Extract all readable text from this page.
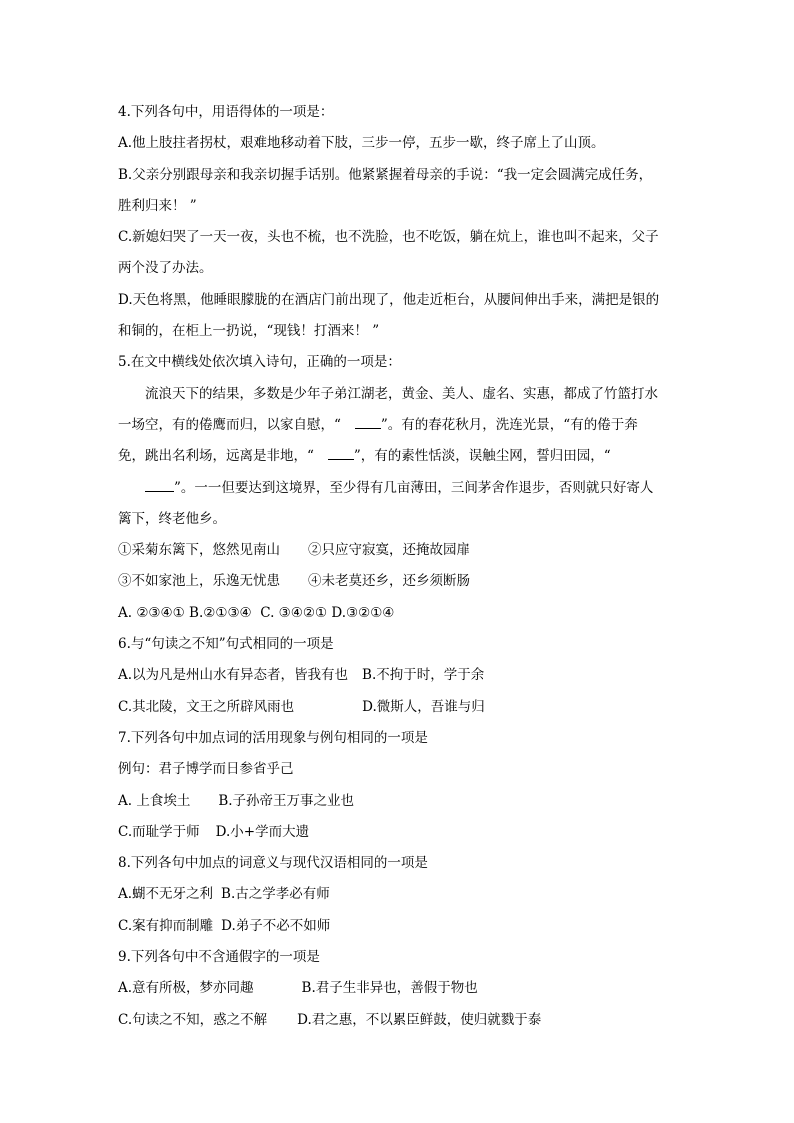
4.下列各句中，用语得体的一项是：
A.他上肢拄者拐杖，艰难地移动着下肢，三步一停，五步一歇，终子席上了山顶。
B.父亲分别跟母亲和我亲切握手话别。他紧紧握着母亲的手说：“我一定会圆满完成任务，
胜利归来！ ”
C.新媳妇哭了一天一夜，头也不梳，也不洗脸，也不吃饭，躺在炕上，谁也叫不起来，父子
两个没了办法。
D.天色将黑，他睡眼朦胧的在酒店门前出现了，他走近柜台，从腰间伸出手来，满把是银的
和铜的，在柜上一扔说，“现钱！打酒来！ ”
5.在文中横线处依次填入诗句，正确的一项是：
流浪天下的结果，多数是少年子弟江湖老，黄金、美人、虚名、实惠，都成了竹篮打水
一场空，有的倦鹰而归，以家自慰，“	”。有的春花秋月，洗连光景，“有的倦于奔
免，跳出名利场，远离是非地，“	”，有的素性恬淡，误触尘网，誓归田园，“
”。一一但要达到这境界，至少得有几亩薄田，三间茅舍作退步，否则就只好寄人
篱下，终老他乡。
①采菊东篱下，悠然见南山 ②只应守寂寞，还掩故园扉
③不如家池上，乐逸无忧患 ④未老莫还乡，还乡须断肠
A. ②③④① B.②①③④  C. ③④②① D.③②①④
6.与“句读之不知”句式相同的一项是
A.以为凡是州山水有异态者，皆我有也 B.不拘于时，学于余
C.其北陵，文王之所辟风雨也	D.微斯人，吾谁与归
7.下列各句中加点词的活用现象与例句相同的一项是
例句：君子博学而日参省乎己
A. 上食埃土 B.子孙帝王万事之业也
C.而耻学于师 D.小+学而大遗
8.下列各句中加点的词意义与现代汉语相同的一项是
A.蝴不无牙之利 B.古之学孝必有师
C.案有抑而制雕 D.弟子不必不如师
9.下列各句中不含通假字的一项是
A.意有所极，梦亦同趣	B.君子生非异也，善假于物也
C.句读之不知，惑之不解 D.君之惠，不以累臣鲜鼓，使归就戮于泰
